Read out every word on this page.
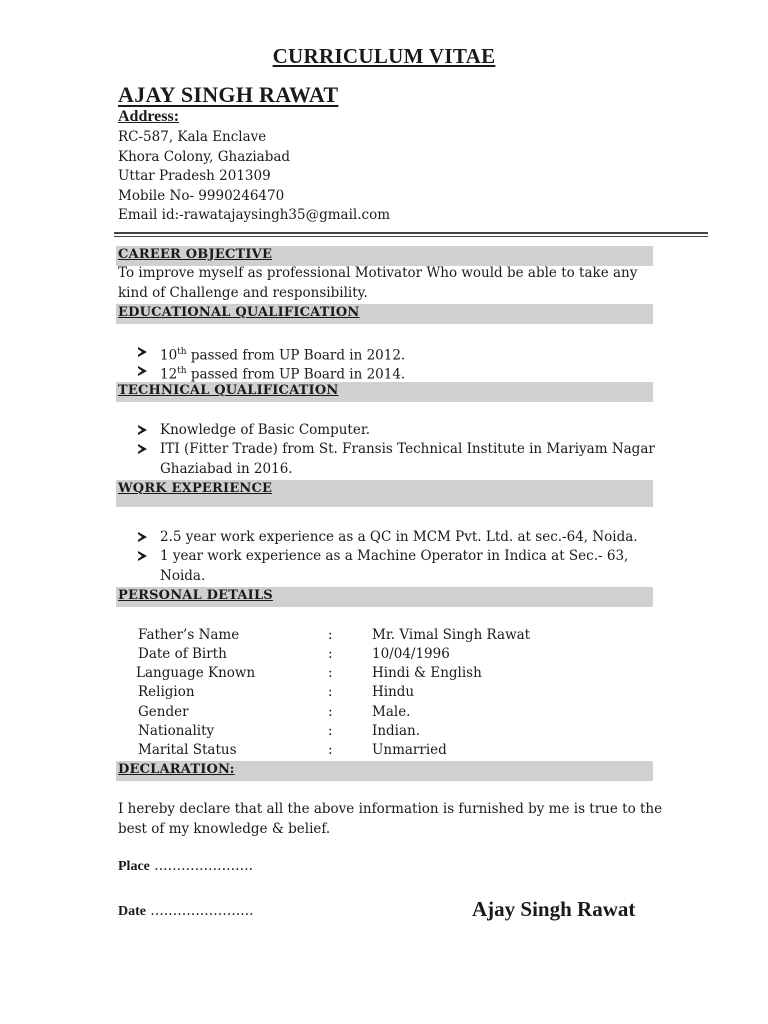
CURRICULUM VITAE
AJAY SINGH RAWAT
Address:
RC-587, Kala Enclave
Khora Colony, Ghaziabad
Uttar Pradesh 201309
Mobile No- 9990246470
Email id:-rawatajaysingh35@gmail.com
CAREER OBJECTIVE
To improve myself as professional Motivator Who would be able to take any
kind of Challenge and responsibility.
EDUCATIONAL QUALIFICATION
10th passed from UP Board in 2012.
12th passed from UP Board in 2014.
TECHNICAL QUALIFICATION
Knowledge of Basic Computer.
ITI (Fitter Trade) from St. Fransis Technical Institute in Mariyam Nagar
Ghaziabad in 2016.
WQRK EXPERIENCE
2.5 year work experience as a QC in MCM Pvt. Ltd. at sec.-64, Noida.
1 year work experience as a Machine Operator in Indica at Sec.- 63,
Noida.
PERSONAL DETAILS
Father’s Name	:	Mr. Vimal Singh Rawat
Date of Birth	:	10/04/1996
Language Known	:	Hindi & English
Religion	:	Hindu
Gender	:	Male.
Nationality	:	Indian.
Marital Status	:	Unmarried
DECLARATION:
I hereby declare that all the above information is furnished by me is true to the
best of my knowledge & belief.
Place ………………….
Date …………………..	Ajay Singh Rawat
